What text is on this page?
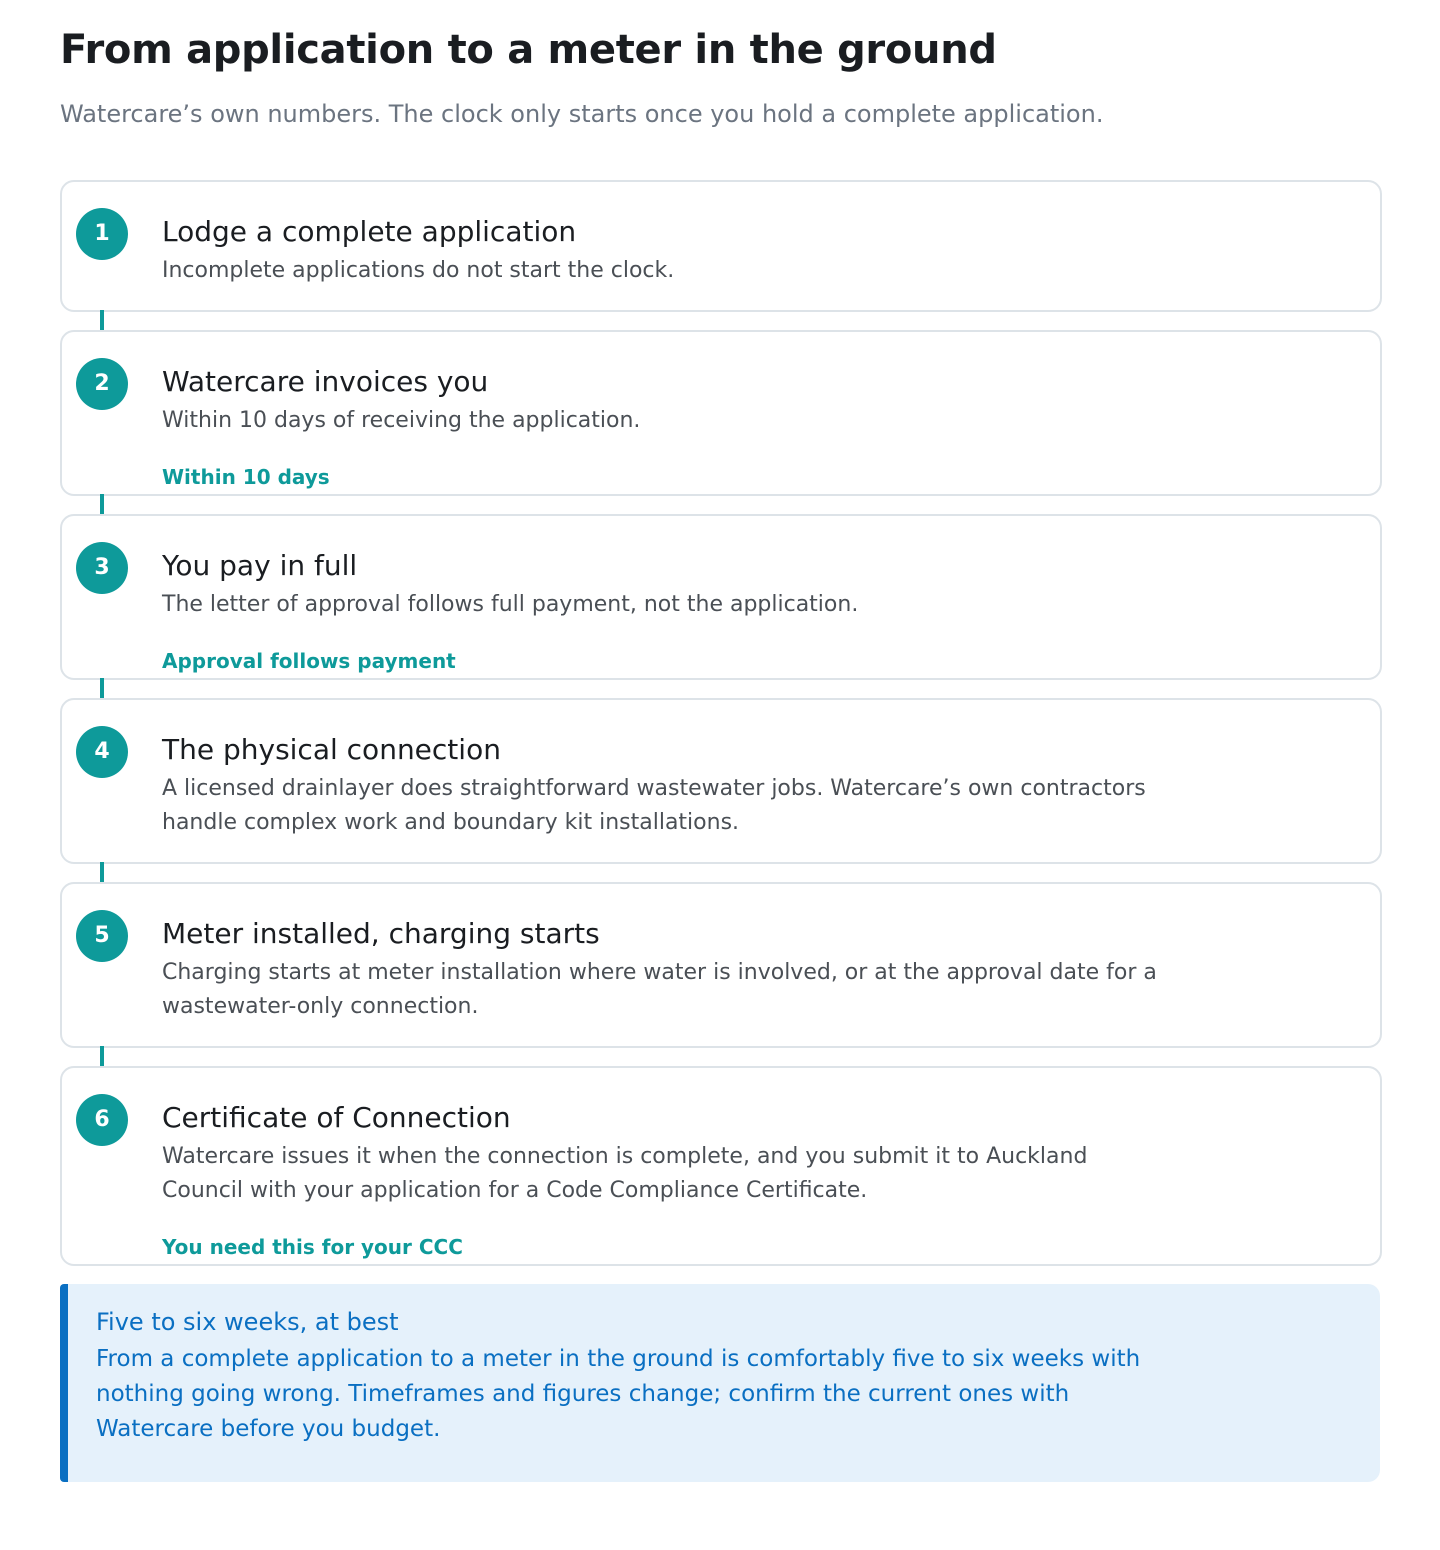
From application to a meter in the ground

Watercare’s own numbers. The clock only starts once you hold a complete application.

1	Lodge a complete application
Incomplete applications do not start the clock.
2	Watercare invoices you
Within 10 days of receiving the application.
Within 10 days
3	You pay in full
The letter of approval follows full payment, not the application.
Approval follows payment
4	The physical connection
A licensed drainlayer does straightforward wastewater jobs. Watercare’s own contractors handle complex work and boundary kit installations.
5	Meter installed, charging starts
Charging starts at meter installation where water is involved, or at the approval date for a wastewater-only connection.
6	Certificate of Connection
Watercare issues it when the connection is complete, and you submit it to Auckland Council with your application for a Code Compliance Certificate.
You need this for your CCC
Five to six weeks, at best
From a complete application to a meter in the ground is comfortably five to six weeks with nothing going wrong. Timeframes and figures change; confirm the current ones with Watercare before you budget.
